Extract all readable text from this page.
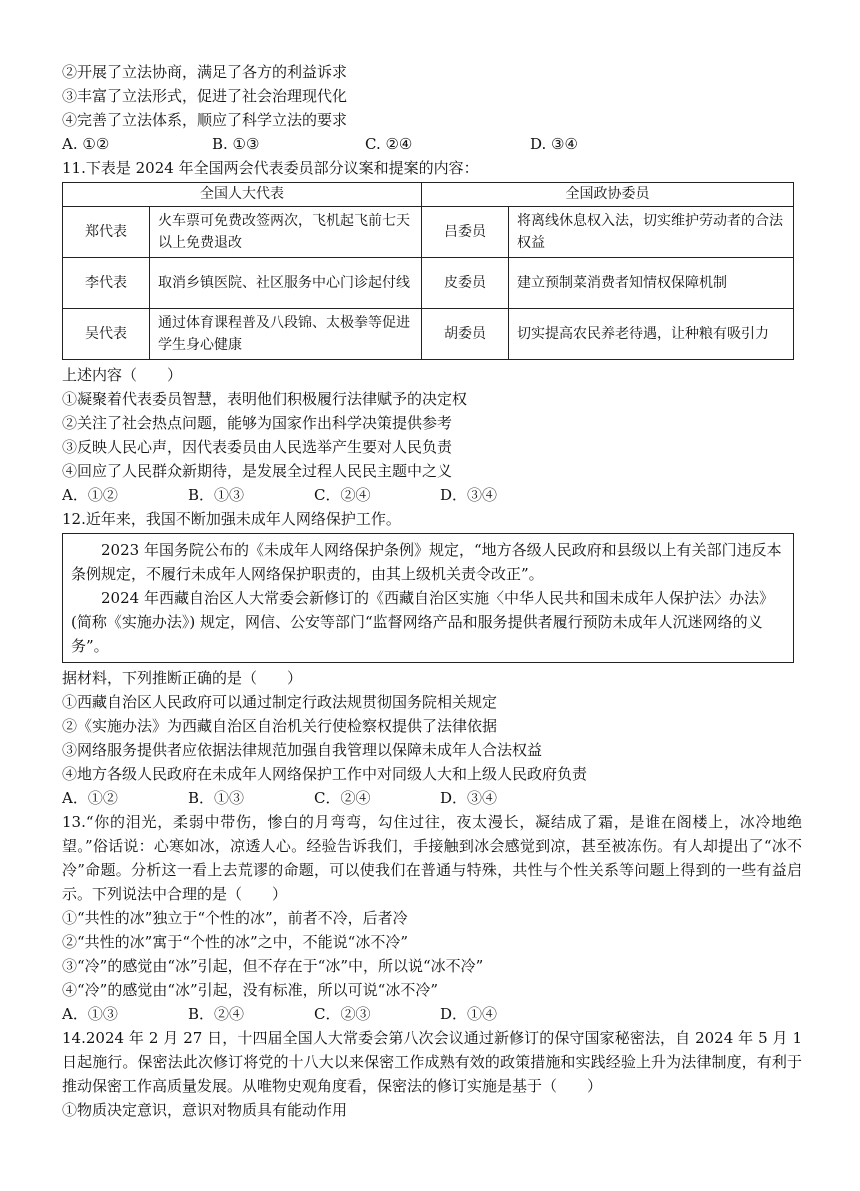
②开展了立法协商，满足了各方的利益诉求
③丰富了立法形式，促进了社会治理现代化
④完善了立法体系，顺应了科学立法的要求
A. ①②	B. ①③	C. ②④	D. ③④
11.下表是 2024 年全国两会代表委员部分议案和提案的内容：
全国人大代表		全国政协委员	
郑代表	火车票可免费改签两次，飞机起飞前七天以上免费退改	吕委员	将离线休息权入法，切实维护劳动者的合法权益
李代表	取消乡镇医院、社区服务中心门诊起付线	皮委员	建立预制菜消费者知情权保障机制
吴代表	通过体育课程普及八段锦、太极拳等促进学生身心健康	胡委员	切实提高农民养老待遇，让种粮有吸引力
上述内容（　　）
①凝聚着代表委员智慧，表明他们积极履行法律赋予的决定权
②关注了社会热点问题，能够为国家作出科学决策提供参考
③反映人民心声，因代表委员由人民选举产生要对人民负责
④回应了人民群众新期待，是发展全过程人民民主题中之义
A．①②	B．①③	C．②④	D．③④
12.近年来，我国不断加强未成年人网络保护工作。

2023 年国务院公布的《未成年人网络保护条例》规定，“地方各级人民政府和县级以上有关部门违反本条例规定，不履行未成年人网络保护职责的，由其上级机关责令改正”。

2024 年西藏自治区人大常委会新修订的《西藏自治区实施〈中华人民共和国未成年人保护法〉办法》(简称《实施办法》) 规定，网信、公安等部门“监督网络产品和服务提供者履行预防未成年人沉迷网络的义务”。

据材料，下列推断正确的是（　　）
①西藏自治区人民政府可以通过制定行政法规贯彻国务院相关规定
②《实施办法》为西藏自治区自治机关行使检察权提供了法律依据
③网络服务提供者应依据法律规范加强自我管理以保障未成年人合法权益
④地方各级人民政府在未成年人网络保护工作中对同级人大和上级人民政府负责
A．①②	B．①③	C．②④	D．③④
13.“你的泪光，柔弱中带伤，惨白的月弯弯，勾住过往，夜太漫长，凝结成了霜，是谁在阁楼上，冰冷地绝望。”俗话说：心寒如冰，凉透人心。经验告诉我们，手接触到冰会感觉到凉，甚至被冻伤。有人却提出了“冰不冷”命题。分析这一看上去荒谬的命题，可以使我们在普通与特殊，共性与个性关系等问题上得到的一些有益启示。下列说法中合理的是（　　）
①“共性的冰”独立于“个性的冰”，前者不冷，后者冷
②“共性的冰”寓于“个性的冰”之中，不能说“冰不冷”
③“冷”的感觉由“冰”引起，但不存在于“冰”中，所以说“冰不冷”
④“冷”的感觉由“冰”引起，没有标准，所以可说“冰不冷”
A．①③	B．②④	C．②③	D．①④
14.2024 年 2 月 27 日，十四届全国人大常委会第八次会议通过新修订的保守国家秘密法，自 2024 年 5 月 1 日起施行。保密法此次修订将党的十八大以来保密工作成熟有效的政策措施和实践经验上升为法律制度，有利于推动保密工作高质量发展。从唯物史观角度看，保密法的修订实施是基于（　　）
①物质决定意识，意识对物质具有能动作用
